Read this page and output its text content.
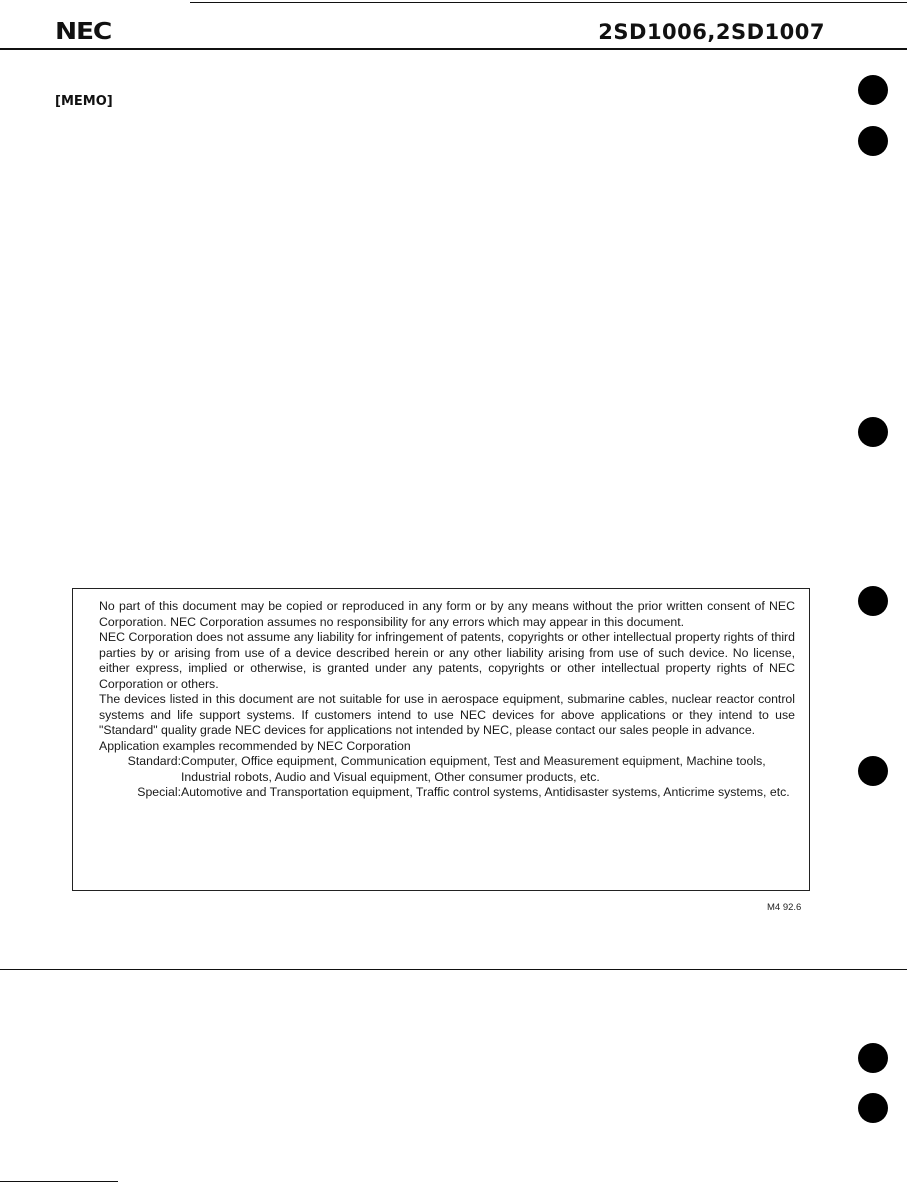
NEC	2SD1006,2SD1007
[MEMO]

No part of this document may be copied or reproduced in any form or by any means without the prior written consent of NEC Corporation. NEC Corporation assumes no responsibility for any errors which may appear in this document.

NEC Corporation does not assume any liability for infringement of patents, copyrights or other intellectual property rights of third parties by or arising from use of a device described herein or any other liability arising from use of such device. No license, either express, implied or otherwise, is granted under any patents, copyrights or other intellectual property rights of NEC Corporation or others.

The devices listed in this document are not suitable for use in aerospace equipment, submarine cables, nuclear reactor control systems and life support systems. If customers intend to use NEC devices for above applications or they intend to use "Standard" quality grade NEC devices for applications not intended by NEC, please contact our sales people in advance.

Application examples recommended by NEC Corporation

Standard: Computer, Office equipment, Communication equipment, Test and Measurement equipment, Machine tools, Industrial robots, Audio and Visual equipment, Other consumer products, etc.
Special: Automotive and Transportation equipment, Traffic control systems, Antidisaster systems, Anticrime systems, etc.
M4 92.6
